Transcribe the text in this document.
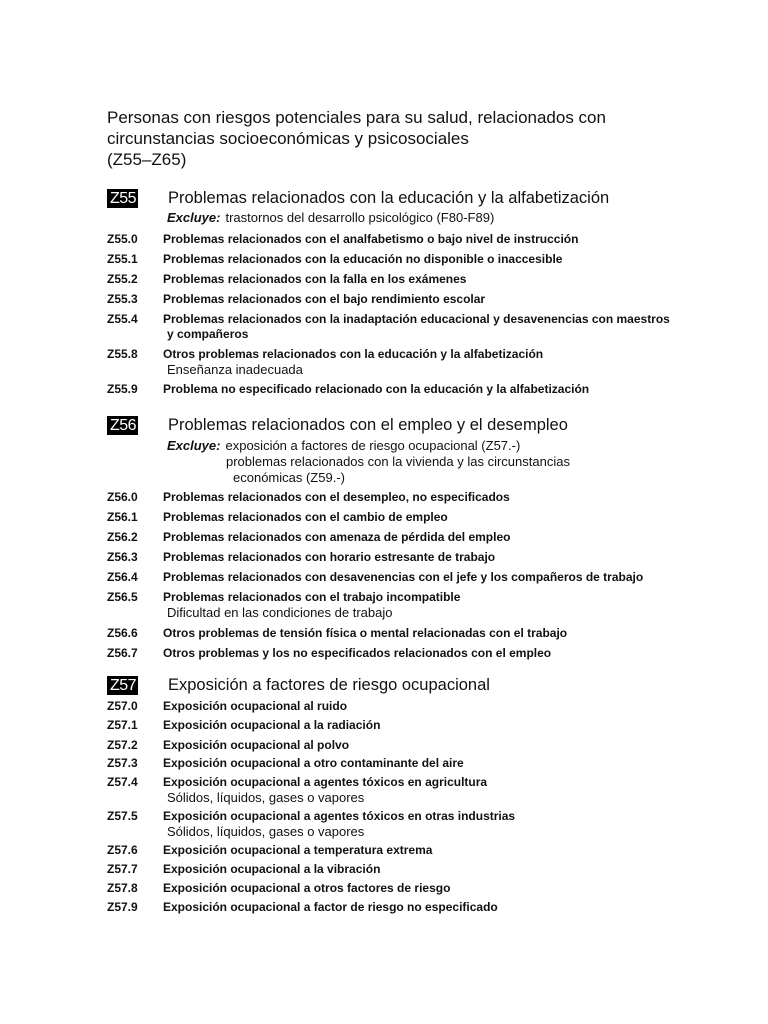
Personas con riesgos potenciales para su salud, relacionados con
circunstancias socioeconómicas y psicosociales
(Z55–Z65)
Z55 Problemas relacionados con la educación y la alfabetización
Excluye: trastornos del desarrollo psicológico (F80-F89)
Z55.0 Problemas relacionados con el analfabetismo o bajo nivel de instrucción
Z55.1 Problemas relacionados con la educación no disponible o inaccesible
Z55.2 Problemas relacionados con la falla en los exámenes
Z55.3 Problemas relacionados con el bajo rendimiento escolar
Z55.4 Problemas relacionados con la inadaptación educacional y desavenencias con maestros
y compañeros
Z55.8 Otros problemas relacionados con la educación y la alfabetización
Enseñanza inadecuada
Z55.9 Problema no especificado relacionado con la educación y la alfabetización
Z56 Problemas relacionados con el empleo y el desempleo
Excluye: exposición a factores de riesgo ocupacional (Z57.-)
problemas relacionados con la vivienda y las circunstancias
económicas (Z59.-)
Z56.0 Problemas relacionados con el desempleo, no especificados
Z56.1 Problemas relacionados con el cambio de empleo
Z56.2 Problemas relacionados con amenaza de pérdida del empleo
Z56.3 Problemas relacionados con horario estresante de trabajo
Z56.4 Problemas relacionados con desavenencias con el jefe y los compañeros de trabajo
Z56.5 Problemas relacionados con el trabajo incompatible
Dificultad en las condiciones de trabajo
Z56.6 Otros problemas de tensión física o mental relacionadas con el trabajo
Z56.7 Otros problemas y los no especificados relacionados con el empleo
Z57 Exposición a factores de riesgo ocupacional
Z57.0 Exposición ocupacional al ruido
Z57.1 Exposición ocupacional a la radiación
Z57.2 Exposición ocupacional al polvo
Z57.3 Exposición ocupacional a otro contaminante del aire
Z57.4 Exposición ocupacional a agentes tóxicos en agricultura
Sólidos, líquidos, gases o vapores
Z57.5 Exposición ocupacional a agentes tóxicos en otras industrias
Sólidos, líquidos, gases o vapores
Z57.6 Exposición ocupacional a temperatura extrema
Z57.7 Exposición ocupacional a la vibración
Z57.8 Exposición ocupacional a otros factores de riesgo
Z57.9 Exposición ocupacional a factor de riesgo no especificado
